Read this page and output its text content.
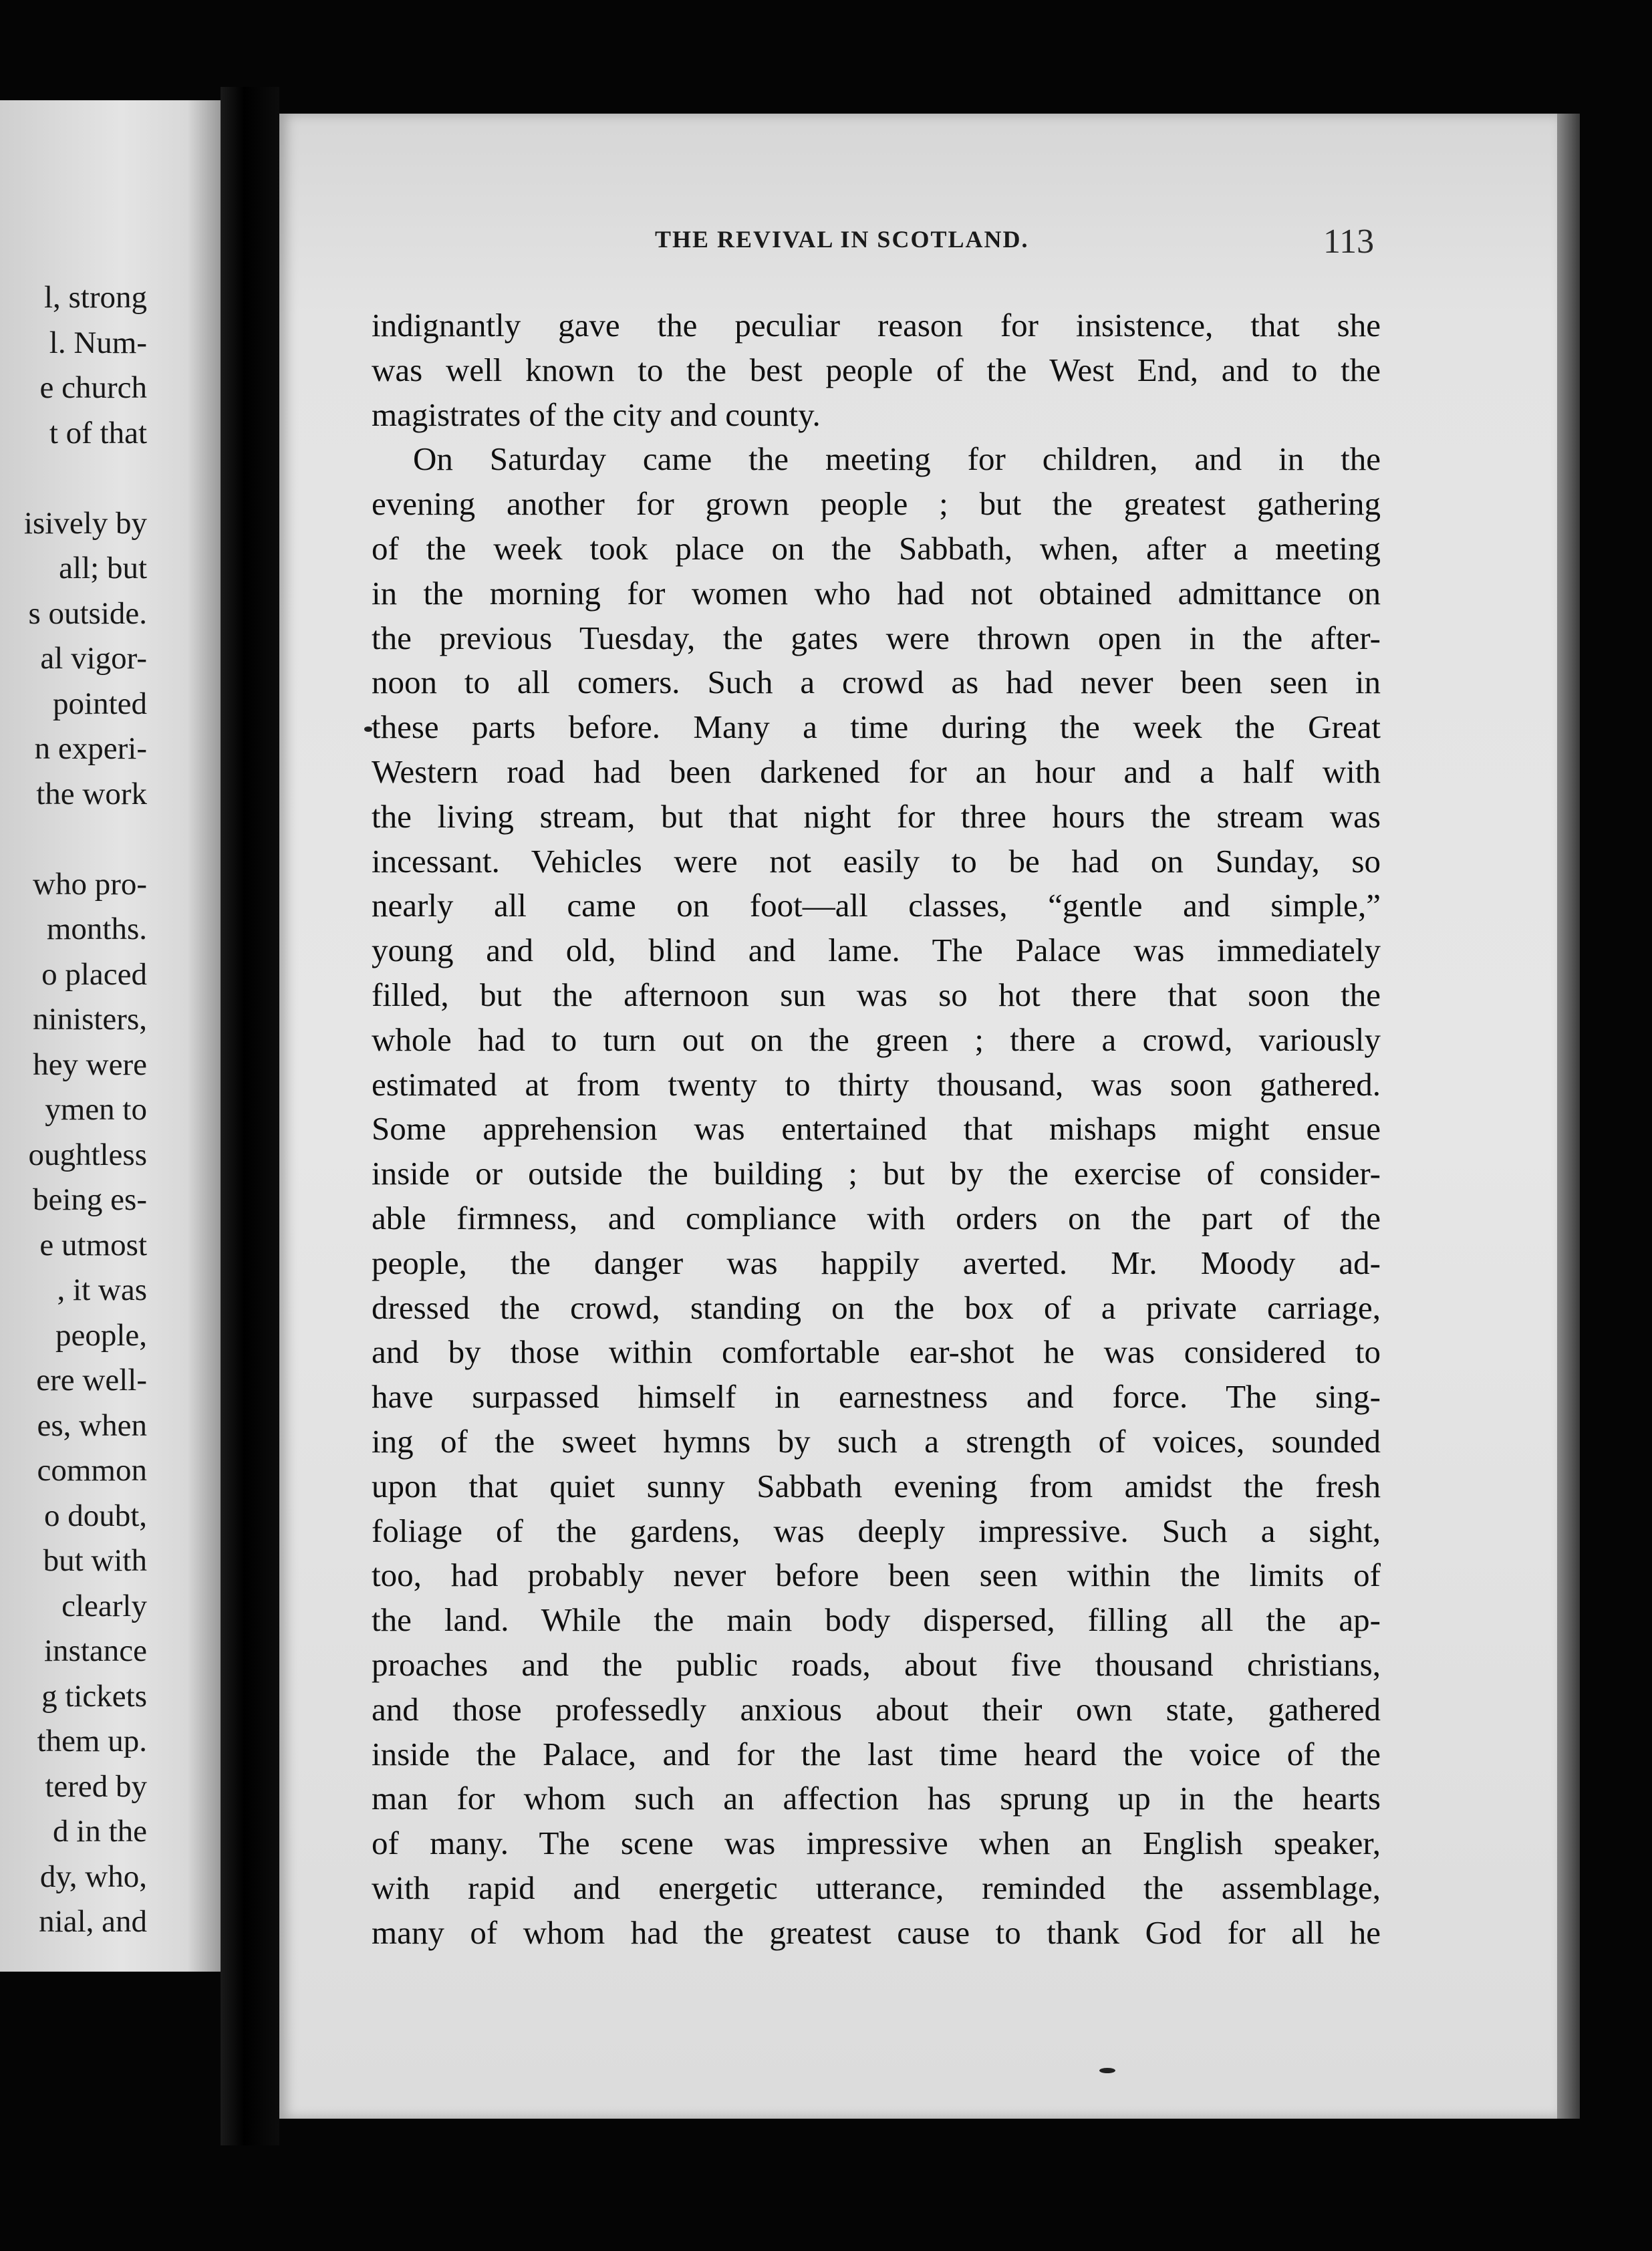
l, strong
l. Num-
e church
t of that
isively by
all; but
s outside.
al vigor-
pointed
n experi-
the work
who pro-
months.
o placed
ninisters,
hey were
ymen to
oughtless
being es-
e utmost
, it was
people,
ere well-
es, when
common
o doubt,
but with
clearly
instance
g tickets
them up.
tered by
d in the
dy, who,
nial, and
THE REVIVAL IN SCOTLAND.	113
indignantly gave the peculiar reason for insistence, that she
was well known to the best people of the West End, and to the
magistrates of the city and county.
On Saturday came the meeting for children, and in the
evening another for grown people ; but the greatest gathering
of the week took place on the Sabbath, when, after a meeting
in the morning for women who had not obtained admittance on
the previous Tuesday, the gates were thrown open in the after-
noon to all comers. Such a crowd as had never been seen in
these parts before. Many a time during the week the Great
Western road had been darkened for an hour and a half with
the living stream, but that night for three hours the stream was
incessant. Vehicles were not easily to be had on Sunday, so
nearly all came on foot—all classes, “gentle and simple,”
young and old, blind and lame. The Palace was immediately
filled, but the afternoon sun was so hot there that soon the
whole had to turn out on the green ; there a crowd, variously
estimated at from twenty to thirty thousand, was soon gathered.
Some apprehension was entertained that mishaps might ensue
inside or outside the building ; but by the exercise of consider-
able firmness, and compliance with orders on the part of the
people, the danger was happily averted. Mr. Moody ad-
dressed the crowd, standing on the box of a private carriage,
and by those within comfortable ear-shot he was considered to
have surpassed himself in earnestness and force. The sing-
ing of the sweet hymns by such a strength of voices, sounded
upon that quiet sunny Sabbath evening from amidst the fresh
foliage of the gardens, was deeply impressive. Such a sight,
too, had probably never before been seen within the limits of
the land. While the main body dispersed, filling all the ap-
proaches and the public roads, about five thousand christians,
and those professedly anxious about their own state, gathered
inside the Palace, and for the last time heard the voice of the
man for whom such an affection has sprung up in the hearts
of many. The scene was impressive when an English speaker,
with rapid and energetic utterance, reminded the assemblage,
many of whom had the greatest cause to thank God for all he
